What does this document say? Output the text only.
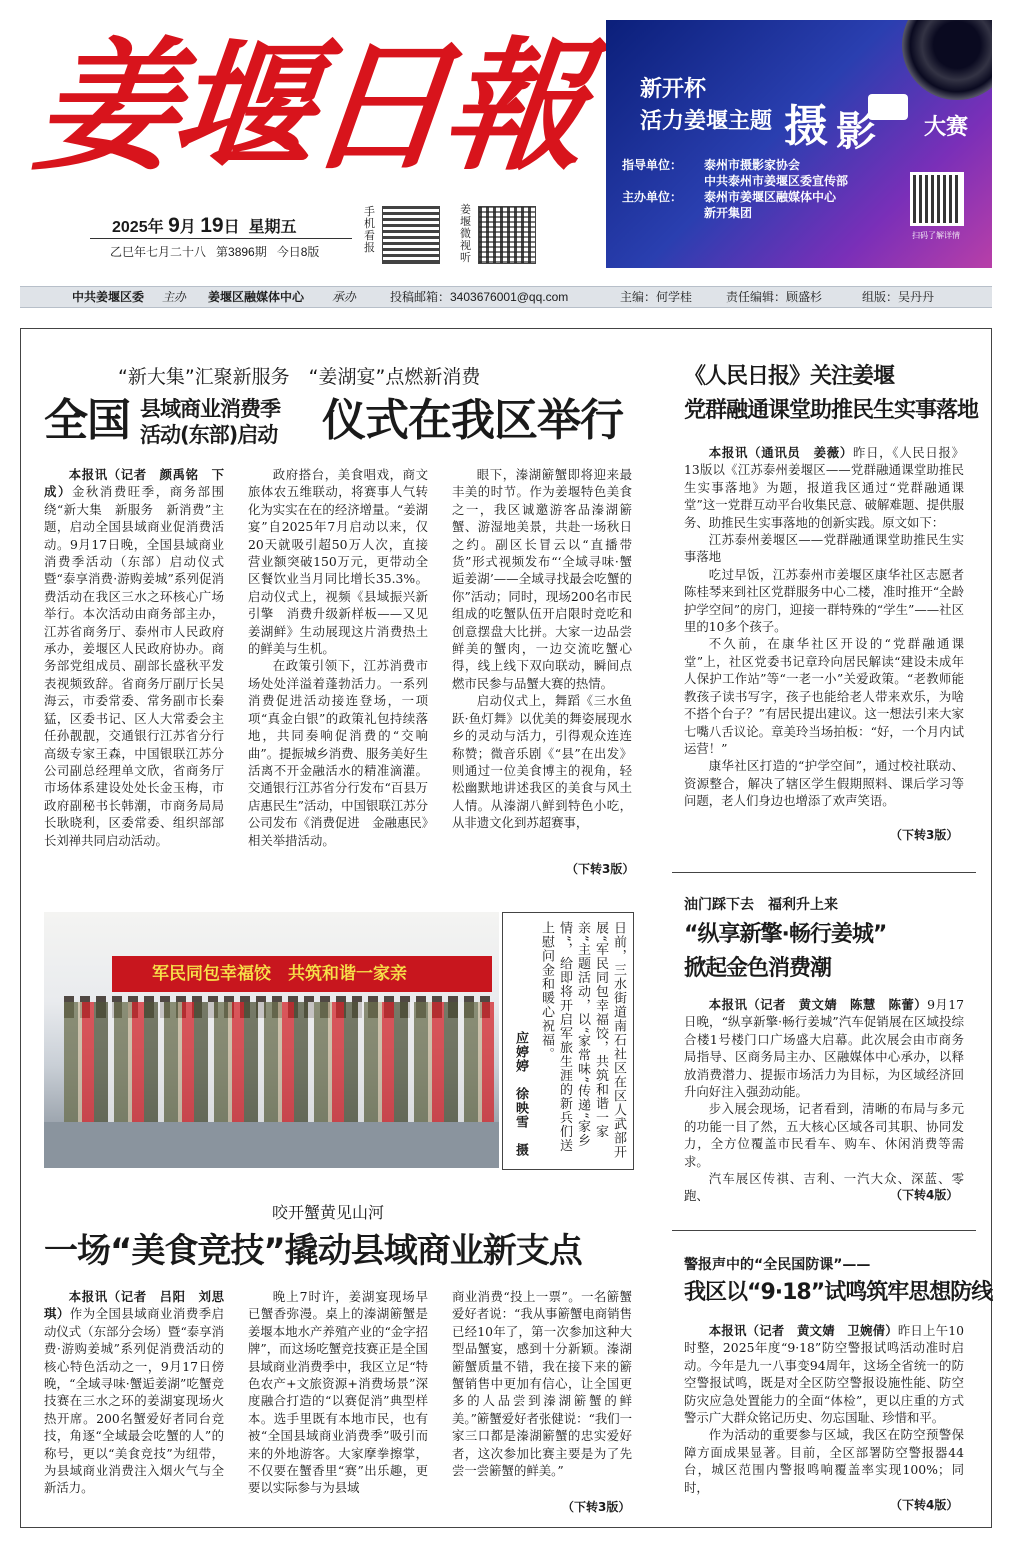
姜堰日報
2025年 9月 19日 星期五
乙巳年七月二十八 第3896期 今日8版
手机看报
姜堰微视听
新开杯
活力姜堰主题 摄 影 大赛
指导单位： 泰州市摄影家协会
中共泰州市姜堰区委宣传部
主办单位： 泰州市姜堰区融媒体中心
新开集团
扫码了解详情
中共姜堰区委 主办 姜堰区融媒体中心 承办	投稿邮箱：3403676001@qq.com	主编：何学桂	责任编辑：顾盛杉	组版：吴丹丹
“新大集”汇聚新服务　“姜湖宴”点燃新消费
全国 县域商业消费季
活动(东部)启动 仪式在我区举行

本报讯（记者　颜禹铭　下成）金秋消费旺季，商务部围绕“新大集　新服务　新消费”主题，启动全国县域商业促消费活动。9月17日晚，全国县域商业消费季活动（东部）启动仪式暨“泰享消费·游购姜城”系列促消费活动在我区三水之环核心广场举行。本次活动由商务部主办，江苏省商务厅、泰州市人民政府承办，姜堰区人民政府协办。商务部党组成员、副部长盛秋平发表视频致辞。省商务厅副厅长吴海云，市委常委、常务副市长秦猛，区委书记、区人大常委会主任孙靓靓，交通银行江苏省分行高级专家王森，中国银联江苏分公司副总经理单文欣，省商务厅市场体系建设处处长金玉梅，市政府副秘书长韩潮，市商务局局长耿晓利，区委常委、组织部部长刘禅共同启动活动。

政府搭台，美食唱戏，商文旅体农五维联动，将赛事人气转化为实实在在的经济增量。“姜湖宴”自2025年7月启动以来，仅20天就吸引超50万人次，直接营业额突破150万元，更带动全区餐饮业当月同比增长35.3%。启动仪式上，视频《县域振兴新引擎　消费升级新样板——又见姜湖鲜》生动展现这片消费热土的鲜美与生机。

在政策引领下，江苏消费市场处处洋溢着蓬勃活力。一系列消费促进活动接连登场，一项项“真金白银”的政策礼包持续落地，共同奏响促消费的“交响曲”。提振城乡消费、服务美好生活离不开金融活水的精准滴灌。交通银行江苏省分行发布“百县万店惠民生”活动，中国银联江苏分公司发布《消费促进　金融惠民》相关举措活动。

眼下，溱湖簖蟹即将迎来最丰美的时节。作为姜堰特色美食之一，我区诚邀游客品溱湖簖蟹、游湿地美景，共赴一场秋日之约。副区长冒云以“直播带货”形式视频发布“‘全域寻味·蟹逅姜湖’——全域寻找最会吃蟹的你”活动；同时，现场200名市民组成的吃蟹队伍开启限时竞吃和创意摆盘大比拼。大家一边品尝鲜美的蟹肉，一边交流吃蟹心得，线上线下双向联动，瞬间点燃市民参与品蟹大赛的热情。

启动仪式上，舞蹈《三水鱼跃·鱼灯舞》以优美的舞姿展现水乡的灵动与活力，引得观众连连称赞；微音乐剧《“县”在出发》则通过一位美食博主的视角，轻松幽默地讲述我区的美食与风土人情。从溱湖八鲜到特色小吃，从非遗文化到苏超赛事，

（下转3版）
军民同包幸福饺　共筑和谐一家亲	日前，三水街道南石社区在区人武部开展“军民同包幸福饺，共筑和谐一家亲”主题活动，以“家常味”传递“家乡情”，给即将开启军旅生涯的新兵们送上慰问金和暖心祝福。
应婷婷　徐映雪　摄
咬开蟹黄见山河
一场“美食竞技”撬动县域商业新支点

本报讯（记者　吕阳　刘思琪）作为全国县域商业消费季启动仪式（东部分会场）暨“泰享消费·游购姜城”系列促消费活动的核心特色活动之一，9月17日傍晚，“全域寻味·蟹逅姜湖”吃蟹竞技赛在三水之环的姜湖宴现场火热开席。200名蟹爱好者同台竞技，角逐“全域最会吃蟹的人”的称号，更以“美食竞技”为纽带，为县域商业消费注入烟火气与全新活力。

晚上7时许，姜湖宴现场早已蟹香弥漫。桌上的溱湖簖蟹是姜堰本地水产养殖产业的“金字招牌”，而这场吃蟹竞技赛正是全国县域商业消费季中，我区立足“特色农产+文旅资源+消费场景”深度融合打造的“以赛促消”典型样本。选手里既有本地市民，也有被“全国县域商业消费季”吸引而来的外地游客。大家摩拳擦掌，不仅要在蟹香里“赛”出乐趣，更要以实际参与为县域

商业消费“投上一票”。一名簖蟹爱好者说：“我从事簖蟹电商销售已经10年了，第一次参加这种大型品蟹宴，感到十分新颖。溱湖簖蟹质量不错，我在接下来的簖蟹销售中更加有信心，让全国更多的人品尝到溱湖簖蟹的鲜美。”簖蟹爱好者张健说：“我们一家三口都是溱湖簖蟹的忠实爱好者，这次参加比赛主要是为了先尝一尝簖蟹的鲜美。”

（下转3版）
《人民日报》关注姜堰
党群融通课堂助推民生实事落地

本报讯（通讯员　姜薇）昨日，《人民日报》13版以《江苏泰州姜堰区——党群融通课堂助推民生实事落地》为题，报道我区通过“党群融通课堂”这一党群互动平台收集民意、破解难题、提供服务、助推民生实事落地的创新实践。原文如下：

江苏泰州姜堰区——党群融通课堂助推民生实事落地

吃过早饭，江苏泰州市姜堰区康华社区志愿者陈桂琴来到社区党群服务中心二楼，准时推开“全龄护学空间”的房门，迎接一群特殊的“学生”——社区里的10多个孩子。

不久前，在康华社区开设的“党群融通课堂”上，社区党委书记章玲向居民解读“建设未成年人保护工作站”等“一老一小”关爱政策。“老教师能教孩子读书写字，孩子也能给老人带来欢乐，为啥不搭个台子？”有居民提出建议。这一想法引来大家七嘴八舌议论。章美玲当场拍板：“好，一个月内试运营！”

康华社区打造的“护学空间”，通过校社联动、资源整合，解决了辖区学生假期照料、课后学习等问题，老人们身边也增添了欢声笑语。

（下转3版）
油门踩下去　福利升上来
“纵享新擎·畅行姜城”
掀起金色消费潮

本报讯（记者　黄文婧　陈慧　陈蕾）9月17日晚，“纵享新擎·畅行姜城”汽车促销展在区域投综合楼1号楼门口广场盛大启幕。此次展会由市商务局指导、区商务局主办、区融媒体中心承办，以释放消费潜力、提振市场活力为目标，为区域经济回升向好注入强劲动能。

步入展会现场，记者看到，清晰的布局与多元的功能一目了然，五大核心区域各司其职、协同发力，全方位覆盖市民看车、购车、休闲消费等需求。

汽车展区传祺、吉利、一汽大众、深蓝、零跑、	（下转4版）
警报声中的“全民国防课”——
我区以“9·18”试鸣筑牢思想防线

本报讯（记者　黄文婧　卫婉倩）昨日上午10时整，2025年度“9·18”防空警报试鸣活动准时启动。今年是九一八事变94周年，这场全省统一的防空警报试鸣，既是对全区防空警报设施性能、防空防灾应急处置能力的全面“体检”，更以庄重的方式警示广大群众铭记历史、勿忘国耻、珍惜和平。

作为活动的重要参与区域，我区在防空预警保障方面成果显著。目前，全区部署防空警报器44台，城区范围内警报鸣响覆盖率实现100%；同时，

（下转4版）
